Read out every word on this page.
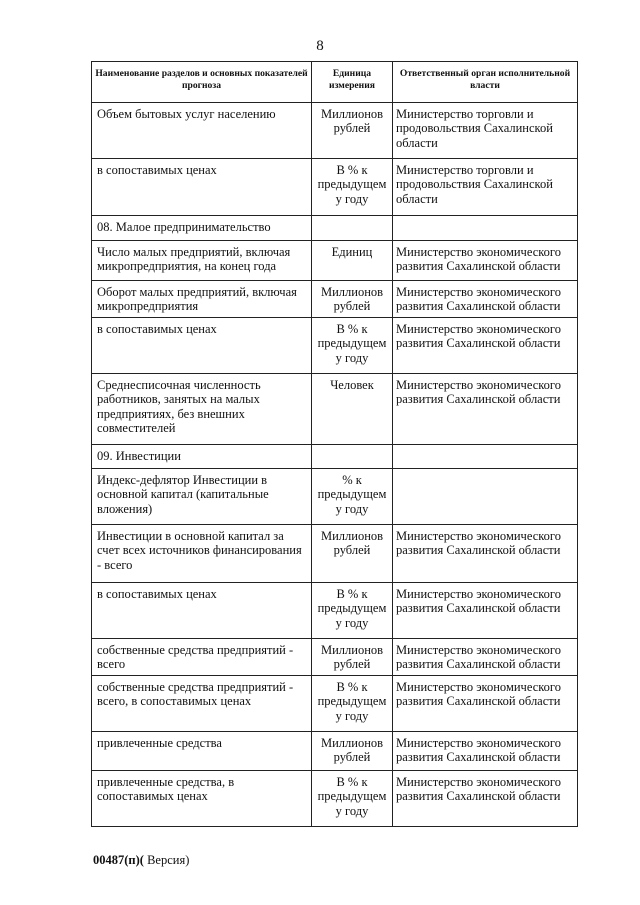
8
Наименование разделов и основных показателей прогноза	Единица измерения	Ответственный орган исполнительной власти
Объем бытовых услуг населению	Миллионов рублей	Министерство торговли и продовольствия Сахалинской области
в сопоставимых ценах	В % к предыдущем у году	Министерство торговли и продовольствия Сахалинской области
08. Малое предпринимательство		
Число малых предприятий, включая микропредприятия, на конец года	Единиц	Министерство экономического развития Сахалинской области
Оборот малых предприятий, включая микропредприятия	Миллионов рублей	Министерство экономического развития Сахалинской области
в сопоставимых ценах	В % к предыдущем у году	Министерство экономического развития Сахалинской области
Среднесписочная численность работников, занятых на малых предприятиях, без внешних совместителей	Человек	Министерство экономического развития Сахалинской области
09. Инвестиции		
Индекс-дефлятор Инвестиции в основной капитал (капитальные вложения)	% к предыдущем у году	
Инвестиции в основной капитал за счет всех источников финансирования - всего	Миллионов рублей	Министерство экономического развития Сахалинской области
в сопоставимых ценах	В % к предыдущем у году	Министерство экономического развития Сахалинской области
собственные средства предприятий - всего	Миллионов рублей	Министерство экономического развития Сахалинской области
собственные средства предприятий - всего, в сопоставимых ценах	В % к предыдущем у году	Министерство экономического развития Сахалинской области
привлеченные средства	Миллионов рублей	Министерство экономического развития Сахалинской области
привлеченные средства, в сопоставимых ценах	В % к предыдущем у году	Министерство экономического развития Сахалинской области
00487(п)( Версия)
